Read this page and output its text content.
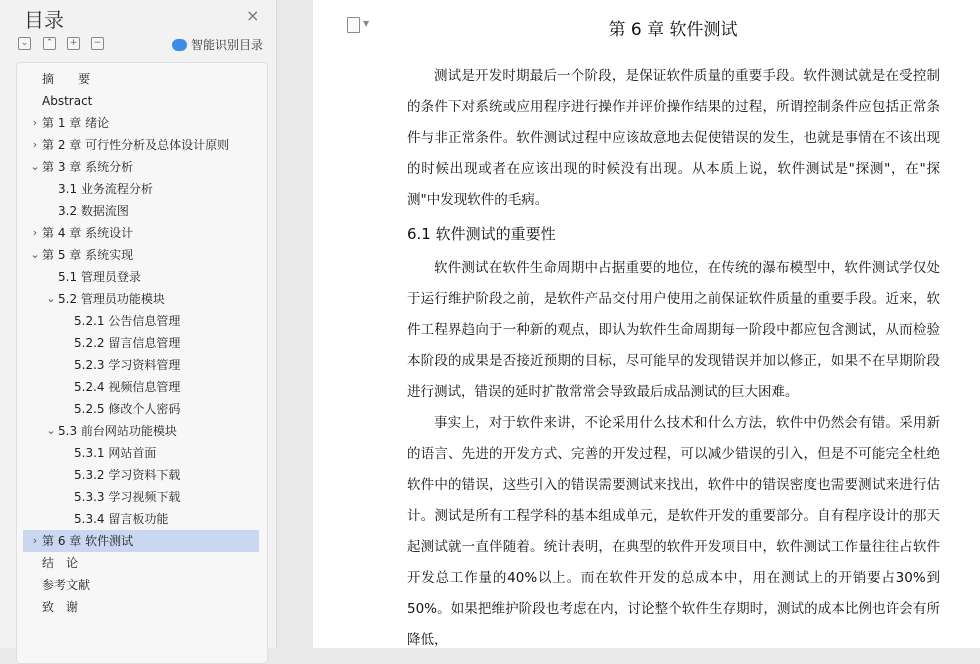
目录	×
⌄	⌃	+	−	智能识别目录
摘　　要
Abstract
› 第 1 章 绪论
› 第 2 章 可行性分析及总体设计原则
⌄ 第 3 章 系统分析
3.1 业务流程分析
3.2 数据流图
› 第 4 章 系统设计
⌄ 第 5 章 系统实现
5.1 管理员登录
⌄ 5.2 管理员功能模块
5.2.1 公告信息管理
5.2.2 留言信息管理
5.2.3 学习资料管理
5.2.4 视频信息管理
5.2.5 修改个人密码
⌄ 5.3 前台网站功能模块
5.3.1 网站首面
5.3.2 学习资料下载
5.3.3 学习视频下载
5.3.4 留言板功能
› 第 6 章 软件测试
结　论
参考文献
致　谢
▼	第 6 章 软件测试

测试是开发时期最后一个阶段，是保证软件质量的重要手段。软件测试就是在受控制的条件下对系统或应用程序进行操作并评价操作结果的过程，所谓控制条件应包括正常条件与非正常条件。软件测试过程中应该故意地去促使错误的发生，也就是事情在不该出现的时候出现或者在应该出现的时候没有出现。从本质上说，软件测试是"探测"，在"探测"中发现软件的毛病。

6.1 软件测试的重要性

软件测试在软件生命周期中占据重要的地位，在传统的瀑布模型中，软件测试学仅处于运行维护阶段之前，是软件产品交付用户使用之前保证软件质量的重要手段。近来，软件工程界趋向于一种新的观点，即认为软件生命周期每一阶段中都应包含测试，从而检验本阶段的成果是否接近预期的目标，尽可能早的发现错误并加以修正，如果不在早期阶段进行测试，错误的延时扩散常常会导致最后成品测试的巨大困难。

事实上，对于软件来讲，不论采用什么技术和什么方法，软件中仍然会有错。采用新的语言、先进的开发方式、完善的开发过程，可以减少错误的引入，但是不可能完全杜绝软件中的错误，这些引入的错误需要测试来找出，软件中的错误密度也需要测试来进行估计。测试是所有工程学科的基本组成单元，是软件开发的重要部分。自有程序设计的那天起测试就一直伴随着。统计表明，在典型的软件开发项目中，软件测试工作量往往占软件开发总工作量的40%以上。而在软件开发的总成本中，用在测试上的开销要占30%到50%。如果把维护阶段也考虑在内，讨论整个软件生存期时，测试的成本比例也许会有所降低，
